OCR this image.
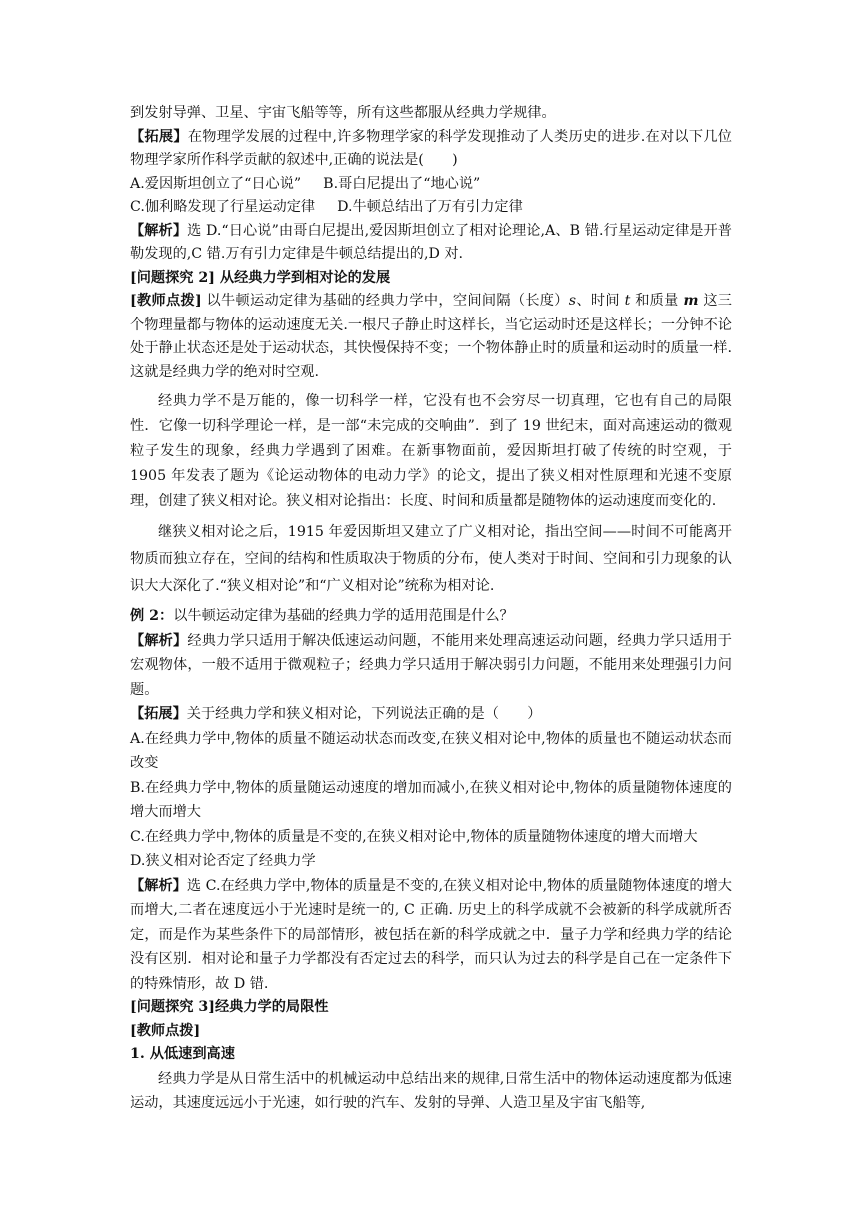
到发射导弹、卫星、宇宙飞船等等，所有这些都服从经典力学规律。

【拓展】在物理学发展的过程中,许多物理学家的科学发现推动了人类历史的进步.在对以下几位物理学家所作科学贡献的叙述中,正确的说法是(　　)

A.爱因斯坦创立了“日心说” B.哥白尼提出了“地心说”

C.伽利略发现了行星运动定律 D.牛顿总结出了万有引力定律

【解析】选 D.“日心说”由哥白尼提出,爱因斯坦创立了相对论理论,A、B 错.行星运动定律是开普勒发现的,C 错.万有引力定律是牛顿总结提出的,D 对.

[问题探究 2] 从经典力学到相对论的发展

[教师点拨] 以牛顿运动定律为基础的经典力学中，空间间隔（长度）s、时间 t 和质量 m 这三个物理量都与物体的运动速度无关.一根尺子静止时这样长，当它运动时还是这样长；一分钟不论处于静止状态还是处于运动状态，其快慢保持不变；一个物体静止时的质量和运动时的质量一样.这就是经典力学的绝对时空观.

经典力学不是万能的，像一切科学一样，它没有也不会穷尽一切真理，它也有自己的局限性．它像一切科学理论一样，是一部“未完成的交响曲”．到了 19 世纪末，面对高速运动的微观粒子发生的现象，经典力学遇到了困难。在新事物面前，爱因斯坦打破了传统的时空观，于 1905 年发表了题为《论运动物体的电动力学》的论文，提出了狭义相对性原理和光速不变原理，创建了狭义相对论。狭义相对论指出：长度、时间和质量都是随物体的运动速度而变化的.

继狭义相对论之后，1915 年爱因斯坦又建立了广义相对论，指出空间——时间不可能离开物质而独立存在，空间的结构和性质取决于物质的分布，使人类对于时间、空间和引力现象的认识大大深化了.“狭义相对论”和“广义相对论”统称为相对论.

例 2：以牛顿运动定律为基础的经典力学的适用范围是什么？

【解析】经典力学只适用于解决低速运动问题，不能用来处理高速运动问题，经典力学只适用于宏观物体，一般不适用于微观粒子；经典力学只适用于解决弱引力问题，不能用来处理强引力问题。

【拓展】关于经典力学和狭义相对论，下列说法正确的是（　　）

A.在经典力学中,物体的质量不随运动状态而改变,在狭义相对论中,物体的质量也不随运动状态而改变

B.在经典力学中,物体的质量随运动速度的增加而减小,在狭义相对论中,物体的质量随物体速度的增大而增大

C.在经典力学中,物体的质量是不变的,在狭义相对论中,物体的质量随物体速度的增大而增大

D.狭义相对论否定了经典力学

【解析】选 C.在经典力学中,物体的质量是不变的,在狭义相对论中,物体的质量随物体速度的增大而增大,二者在速度远小于光速时是统一的, C 正确. 历史上的科学成就不会被新的科学成就所否定，而是作为某些条件下的局部情形，被包括在新的科学成就之中．量子力学和经典力学的结论没有区别．相对论和量子力学都没有否定过去的科学，而只认为过去的科学是自己在一定条件下的特殊情形，故 D 错.

[问题探究 3]经典力学的局限性

[教师点拨]

1. 从低速到高速

经典力学是从日常生活中的机械运动中总结出来的规律,日常生活中的物体运动速度都为低速运动，其速度远远小于光速，如行驶的汽车、发射的导弹、人造卫星及宇宙飞船等,
